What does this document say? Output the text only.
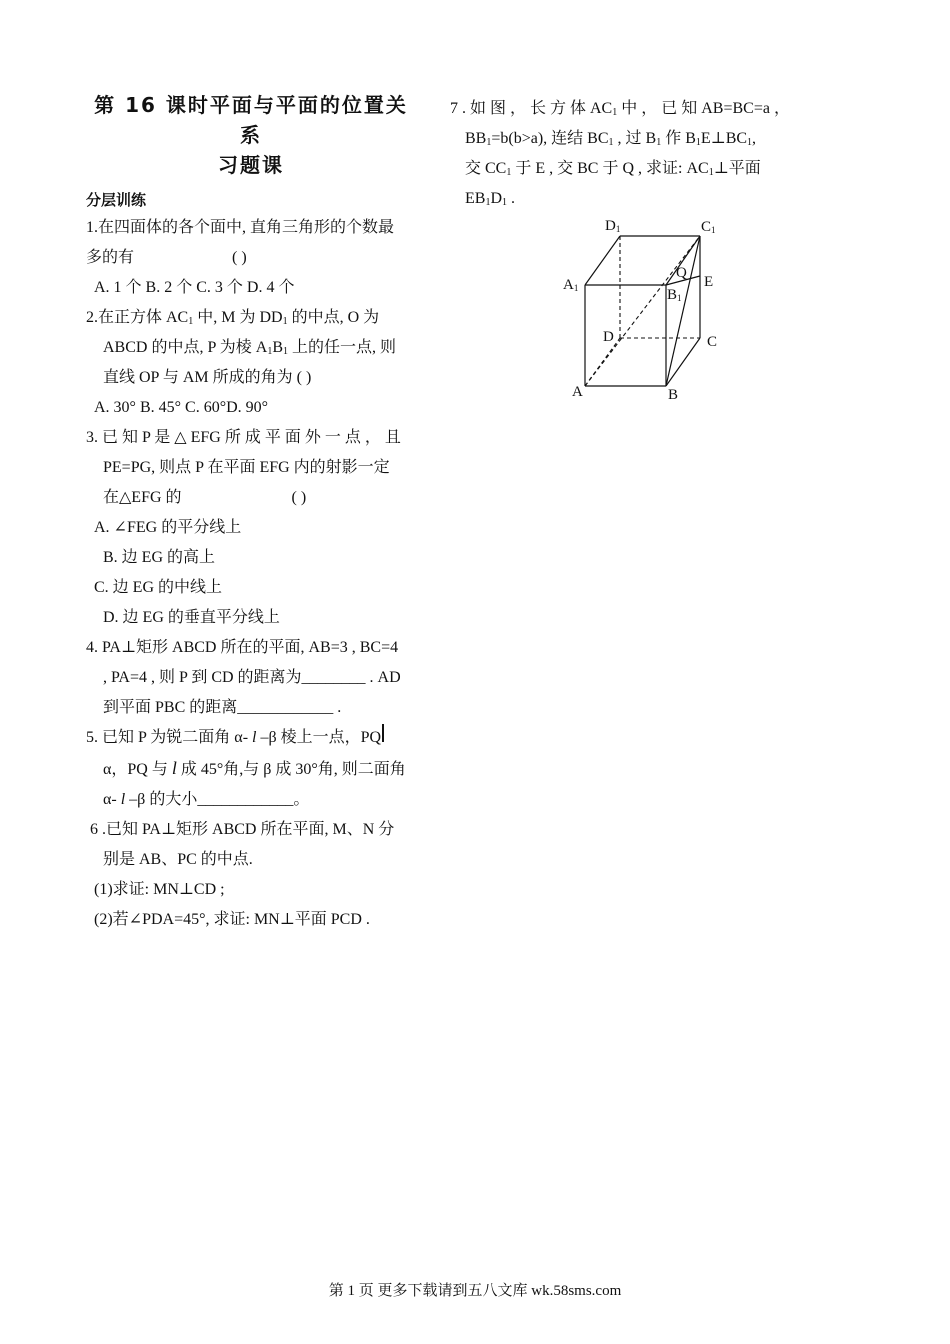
第 16 课时平面与平面的位置关系
习题课
分层训练
1.在四面体的各个面中, 直角三角形的个数最
多的有	( )
A. 1 个 B. 2 个 C. 3 个 D. 4 个
2.在正方体 $AC_1$ 中, M 为 $DD_1$ 的中点, O 为
ABCD 的中点, P 为棱 $A_1B_1$ 上的任一点, 则
直线 OP 与 AM 所成的角为 ( )
A. 30° B. 45° C. 60°D. 90°
3. 已 知 P 是 △ EFG 所 成 平 面 外 一 点 ， 且
PE=PG, 则点 P 在平面 EFG 内的射影一定
在△EFG 的	( )
A. ∠FEG 的平分线上
B. 边 EG 的高上
C. 边 EG 的中线上
D. 边 EG 的垂直平分线上
4. PA⊥矩形 ABCD 所在的平面, AB=3 , BC=4
, PA=4 , 则 P 到 CD 的距离为________ . AD
到平面 PBC 的距离____________ .
5. 已知 P 为锐二面角 α- l –β 棱上一点，PQ
α，PQ 与 l 成 45°角,与 β 成 30°角, 则二面角
α- l –β 的大小____________。
6 .已知 PA⊥矩形 ABCD 所在平面, M、N 分
别是 AB、PC 的中点.
(1)求证: MN⊥CD ;
(2)若∠PDA=45°, 求证: MN⊥平面 PCD .
7 . 如 图 ， 长 方 体 $AC_1$ 中 ， 已 知 AB=BC=a ，
$BB_1=b(b>a)$, 连结 $BC_1$ , 过 $B_1$ 作 $B_1E\perp BC_1$,
交 $CC_1$ 于 E , 交 BC 于 Q , 求证: $AC_1\perp$平面
$EB_1D_1$ .
D1	C1
A1	B1
Q
E
D	C
A	B
第 1 页 更多下载请到五八文库 wk.58sms.com
